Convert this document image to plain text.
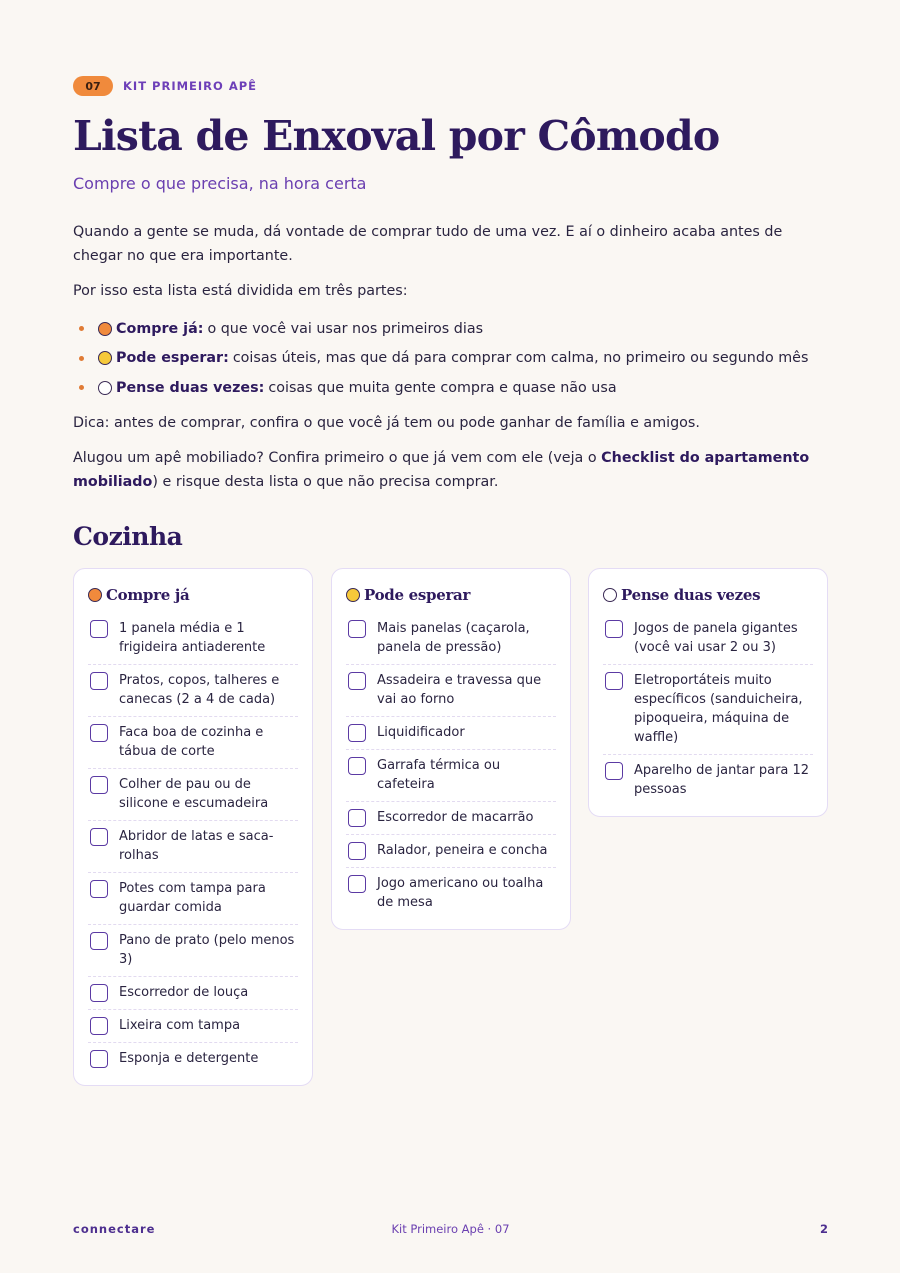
07	KIT PRIMEIRO APÊ
Lista de Enxoval por Cômodo
Compre o que precisa, na hora certa

Quando a gente se muda, dá vontade de comprar tudo de uma vez. E aí o dinheiro acaba antes de chegar no que era importante.

Por isso esta lista está dividida em três partes:

Compre já: o que você vai usar nos primeiros dias
Pode esperar: coisas úteis, mas que dá para comprar com calma, no primeiro ou segundo mês
Pense duas vezes: coisas que muita gente compra e quase não usa

Dica: antes de comprar, confira o que você já tem ou pode ganhar de família e amigos.

Alugou um apê mobiliado? Confira primeiro o que já vem com ele (veja o Checklist do apartamento mobiliado) e risque desta lista o que não precisa comprar.

Cozinha
Compre já
1 panela média e 1 frigideira antiaderente
Pratos, copos, talheres e canecas (2 a 4 de cada)
Faca boa de cozinha e tábua de corte
Colher de pau ou de silicone e escumadeira
Abridor de latas e saca-rolhas
Potes com tampa para guardar comida
Pano de prato (pelo menos 3)
Escorredor de louça
Lixeira com tampa
Esponja e detergente
Pode esperar
Mais panelas (caçarola, panela de pressão)
Assadeira e travessa que vai ao forno
Liquidificador
Garrafa térmica ou cafeteira
Escorredor de macarrão
Ralador, peneira e concha
Jogo americano ou toalha de mesa
Pense duas vezes
Jogos de panela gigantes (você vai usar 2 ou 3)
Eletroportáteis muito específicos (sanduicheira, pipoqueira, máquina de waffle)
Aparelho de jantar para 12 pessoas
connectare	Kit Primeiro Apê · 07	2
